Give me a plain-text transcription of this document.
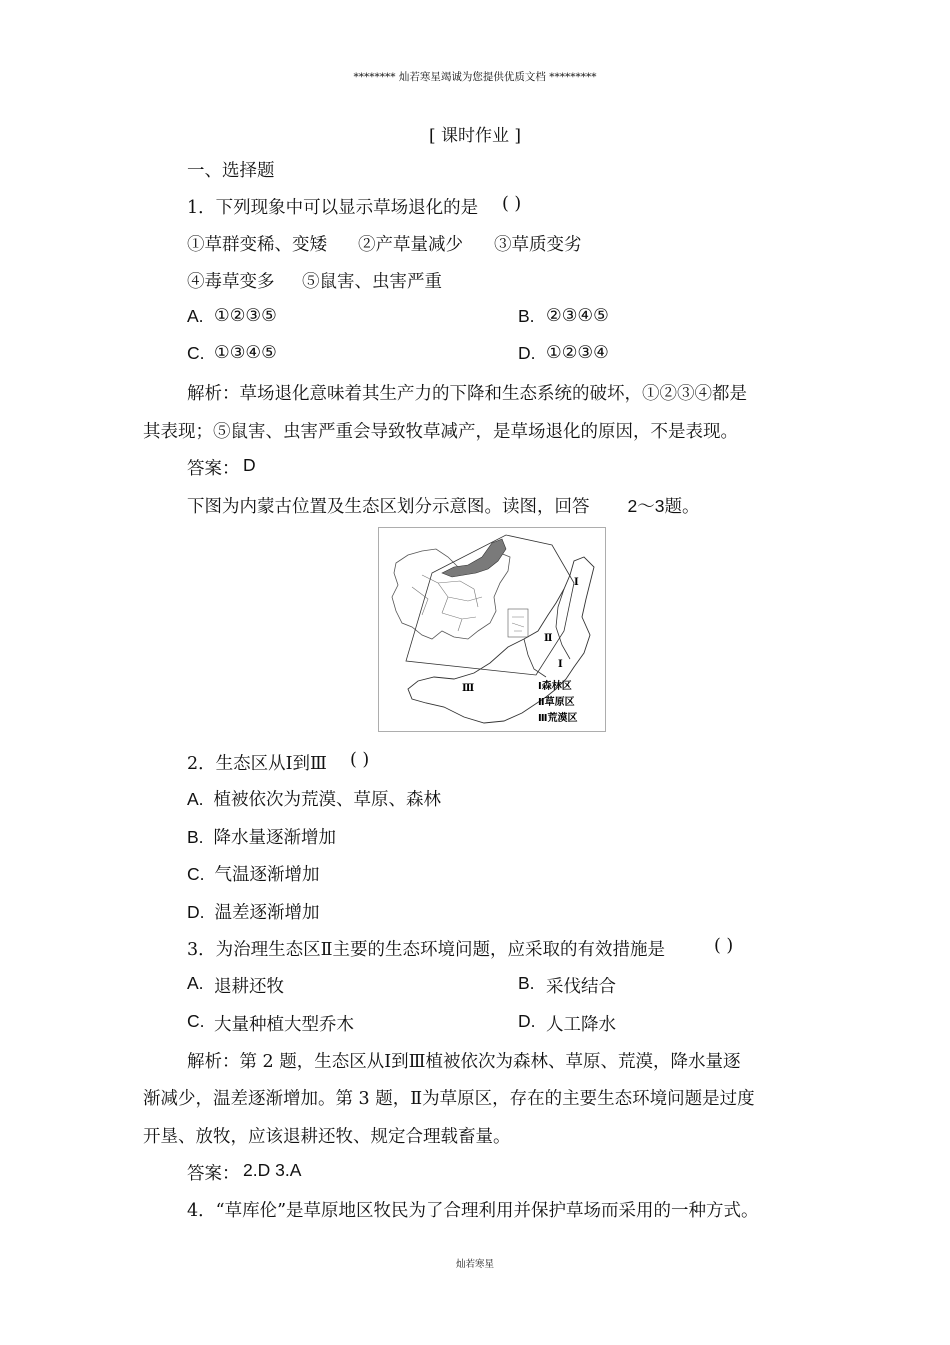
******** 灿若寒星竭诚为您提供优质文档 *********
[ 课时作业 ]
一、选择题
1．下列现象中可以显示草场退化的是 ( )
①草群变稀、变矮 ②产草量减少 ③草质变劣
④毒草变多 ⑤鼠害、虫害严重
A. ①②③⑤	B. ②③④⑤
C. ①③④⑤	D. ①②③④
解析：草场退化意味着其生产力的下降和生态系统的破坏，①②③④都是
其表现；⑤鼠害、虫害严重会导致牧草减产，是草场退化的原因，不是表现。
答案： D
下图为内蒙古位置及生态区划分示意图。读图，回答 2～3题。
Ⅰ
Ⅱ
Ⅰ
Ⅲ	Ⅰ森林区
Ⅱ草原区
Ⅲ荒漠区
2．生态区从Ⅰ到Ⅲ ( )
A. 植被依次为荒漠、草原、森林
B. 降水量逐渐增加
C. 气温逐渐增加
D. 温差逐渐增加
3．为治理生态区Ⅱ主要的生态环境问题，应采取的有效措施是	( )
A. 退耕还牧	B. 采伐结合
C. 大量种植大型乔木	D. 人工降水
解析：第 2 题，生态区从Ⅰ到Ⅲ植被依次为森林、草原、荒漠，降水量逐
渐减少，温差逐渐增加。第 3 题，Ⅱ为草原区，存在的主要生态环境问题是过度
开垦、放牧，应该退耕还牧、规定合理载畜量。
答案： 2.D 3.A
4．“草库伦”是草原地区牧民为了合理利用并保护草场而采用的一种方式。
灿若寒星
